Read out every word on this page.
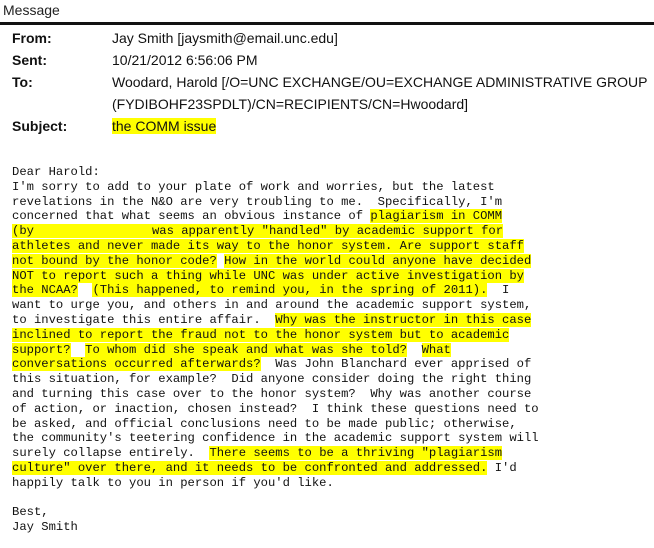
Message
From:	Jay Smith [jaysmith@email.unc.edu]
Sent:	10/21/2012 6:56:06 PM
To:	Woodard, Harold [/O=UNC EXCHANGE/OU=EXCHANGE ADMINISTRATIVE GROUP
(FYDIBOHF23SPDLT)/CN=RECIPIENTS/CN=Hwoodard]
Subject:	the COMM issue
Dear Harold:
I'm sorry to add to your plate of work and worries, but the latest
revelations in the N&O are very troubling to me.  Specifically, I'm
concerned that what seems an obvious instance of plagiarism in COMM
(by	was apparently "handled" by academic support for
athletes and never made its way to the honor system. Are support staff
not bound by the honor code? How in the world could anyone have decided
NOT to report such a thing while UNC was under active investigation by
the NCAA? (This happened, to remind you, in the spring of 2011).  I
want to urge you, and others in and around the academic support system,
to investigate this entire affair.  Why was the instructor in this case
inclined to report the fraud not to the honor system but to academic
support? To whom did she speak and what was she told? What
conversations occurred afterwards?  Was John Blanchard ever apprised of
this situation, for example?  Did anyone consider doing the right thing
and turning this case over to the honor system?  Why was another course
of action, or inaction, chosen instead?  I think these questions need to
be asked, and official conclusions need to be made public; otherwise,
the community's teetering confidence in the academic support system will
surely collapse entirely.  There seems to be a thriving "plagiarism
culture" over there, and it needs to be confronted and addressed. I'd
happily talk to you in person if you'd like.

Best,
Jay Smith
